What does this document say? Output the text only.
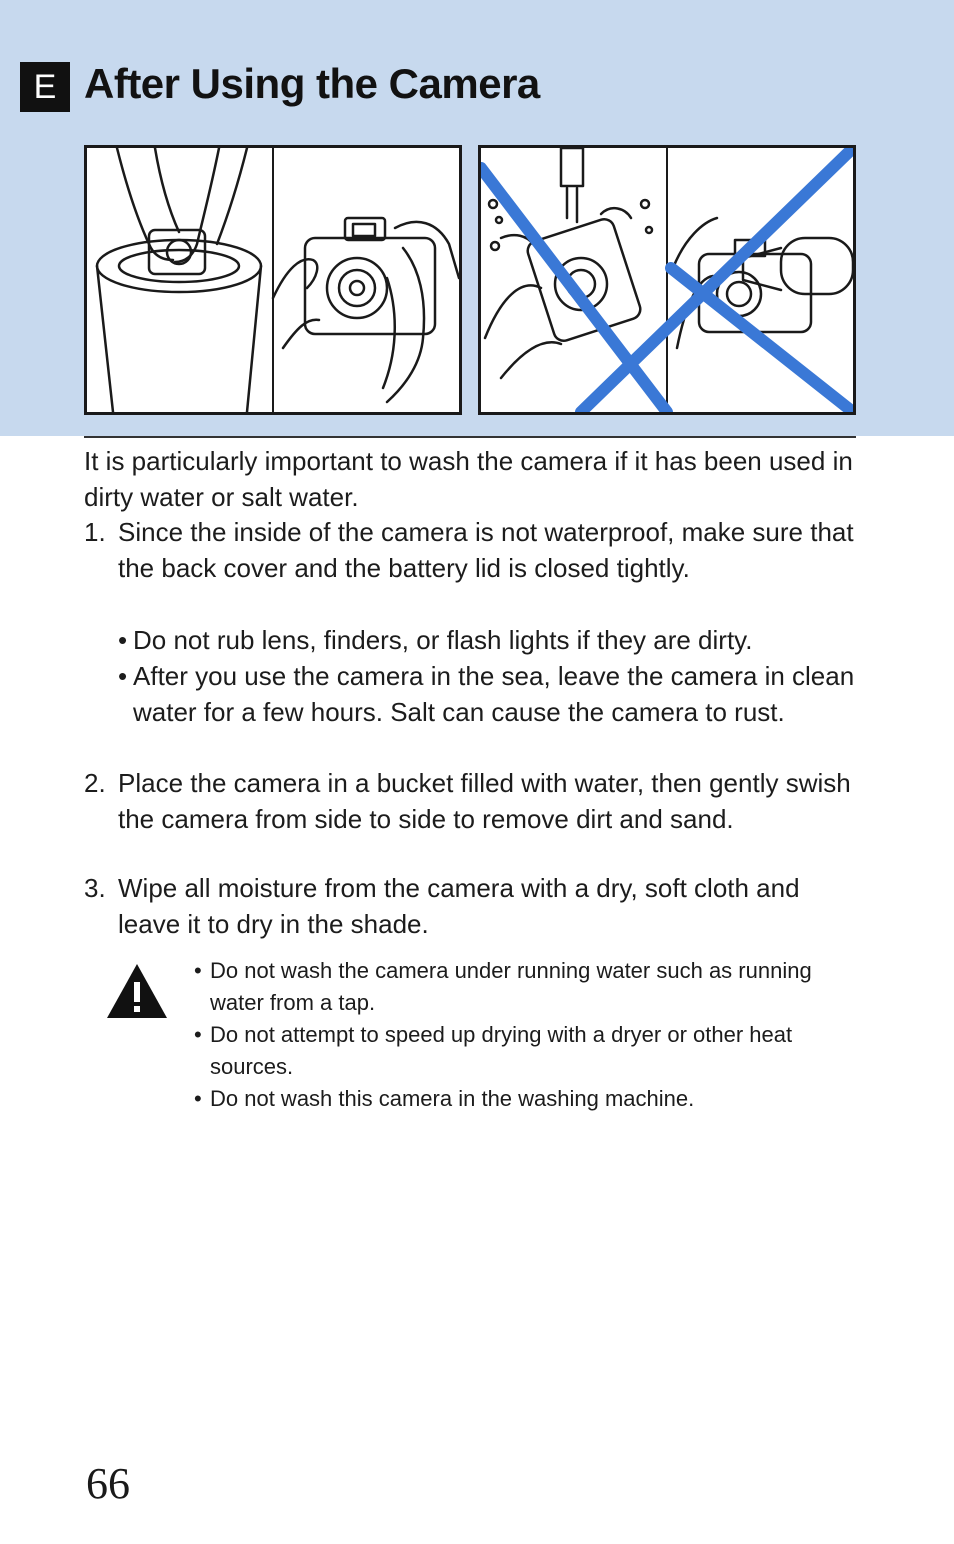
E After Using the Camera

It is particularly important to wash the camera if it has been used in dirty water or salt water.

1. Since the inside of the camera is not waterproof, make sure that the back cover and the battery lid is closed tightly.
• Do not rub lens, finders, or flash lights if they are dirty.
• After you use the camera in the sea, leave the camera in clean water for a few hours. Salt can cause the camera to rust.
2. Place the camera in a bucket filled with water, then gently swish the camera from side to side to remove dirt and sand.
3. Wipe all moisture from the camera with a dry, soft cloth and leave it to dry in the shade.
• Do not wash the camera under running water such as running water from a tap.
• Do not attempt to speed up drying with a dryer or other heat sources.
• Do not wash this camera in the washing machine.
66
